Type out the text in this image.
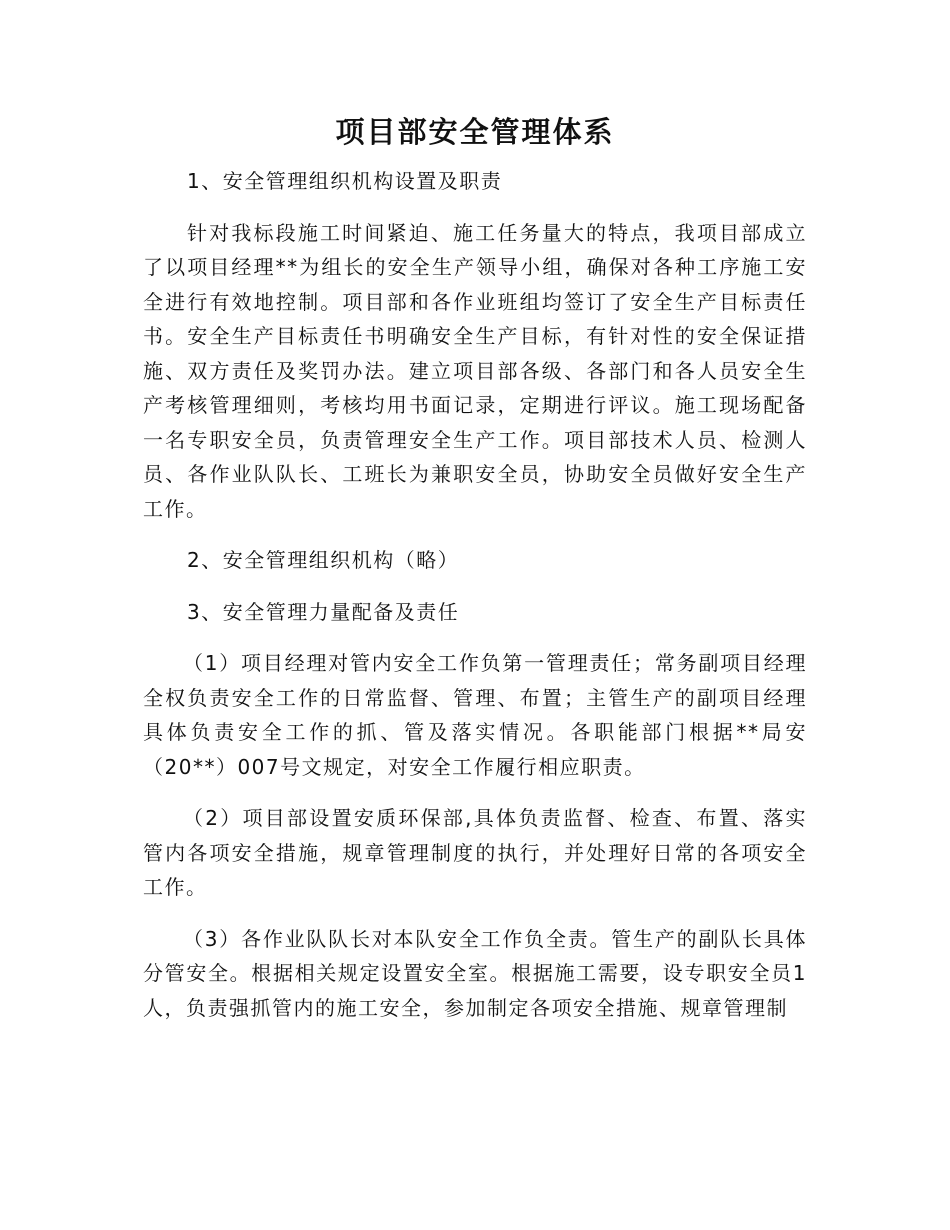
项目部安全管理体系

1、安全管理组织机构设置及职责

针对我标段施工时间紧迫、施工任务量大的特点，我项目部成立了以项目经理**为组长的安全生产领导小组，确保对各种工序施工安全进行有效地控制。项目部和各作业班组均签订了安全生产目标责任书。安全生产目标责任书明确安全生产目标，有针对性的安全保证措施、双方责任及奖罚办法。建立项目部各级、各部门和各人员安全生产考核管理细则，考核均用书面记录，定期进行评议。施工现场配备一名专职安全员，负责管理安全生产工作。项目部技术人员、检测人员、各作业队队长、工班长为兼职安全员，协助安全员做好安全生产工作。

2、安全管理组织机构（略）

3、安全管理力量配备及责任

（1）项目经理对管内安全工作负第一管理责任；常务副项目经理全权负责安全工作的日常监督、管理、布置；主管生产的副项目经理具体负责安全工作的抓、管及落实情况。各职能部门根据**局安（20**）007号文规定，对安全工作履行相应职责。

（2）项目部设置安质环保部,具体负责监督、检查、布置、落实管内各项安全措施，规章管理制度的执行，并处理好日常的各项安全工作。

（3）各作业队队长对本队安全工作负全责。管生产的副队长具体分管安全。根据相关规定设置安全室。根据施工需要，设专职安全员1人，负责强抓管内的施工安全，参加制定各项安全措施、规章管理制
